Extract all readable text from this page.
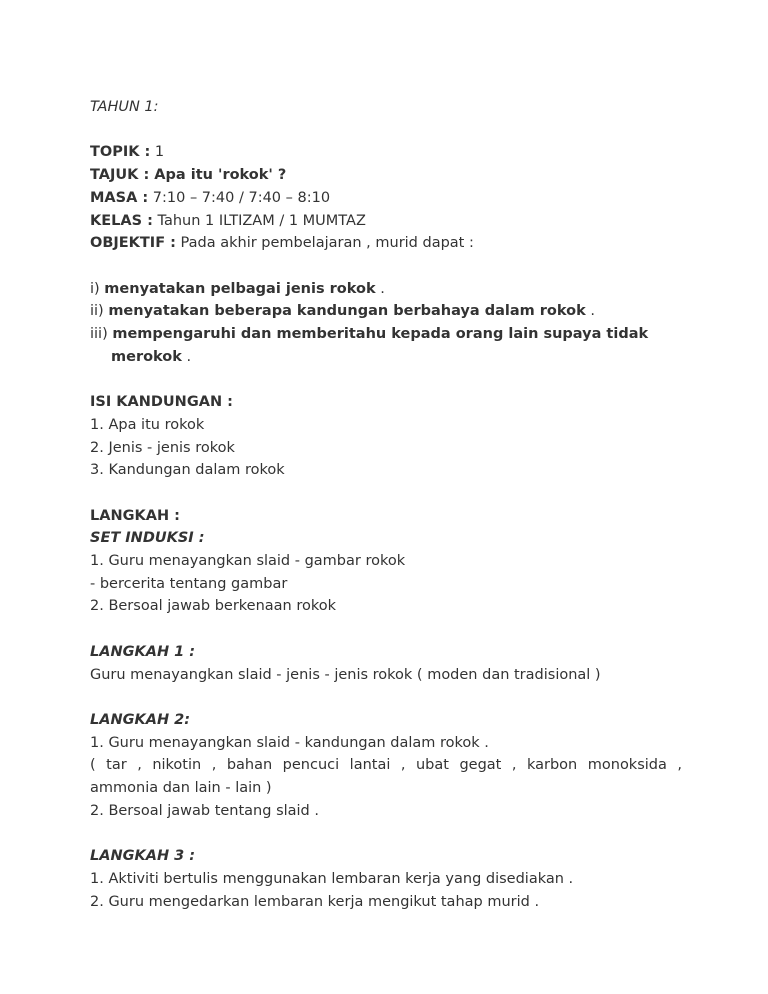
TAHUN 1:
TOPIK : 1
TAJUK : Apa itu 'rokok' ?
MASA : 7:10 – 7:40 / 7:40 – 8:10
KELAS : Tahun 1 ILTIZAM / 1 MUMTAZ
OBJEKTIF : Pada akhir pembelajaran , murid dapat :
i) menyatakan pelbagai jenis rokok .
ii) menyatakan beberapa kandungan berbahaya dalam rokok .
iii) mempengaruhi dan memberitahu kepada orang lain supaya tidak
merokok .
ISI KANDUNGAN :
1. Apa itu rokok
2. Jenis - jenis rokok
3. Kandungan dalam rokok
LANGKAH :
SET INDUKSI :
1. Guru menayangkan slaid - gambar rokok
- bercerita tentang gambar
2. Bersoal jawab berkenaan rokok
LANGKAH 1 :
Guru menayangkan slaid - jenis - jenis rokok ( moden dan tradisional )
LANGKAH 2:
1. Guru menayangkan slaid - kandungan dalam rokok .
( tar , nikotin , bahan pencuci lantai , ubat gegat , karbon monoksida ,
ammonia dan lain - lain )
2. Bersoal jawab tentang slaid .
LANGKAH 3 :
1. Aktiviti bertulis menggunakan lembaran kerja yang disediakan .
2. Guru mengedarkan lembaran kerja mengikut tahap murid .
